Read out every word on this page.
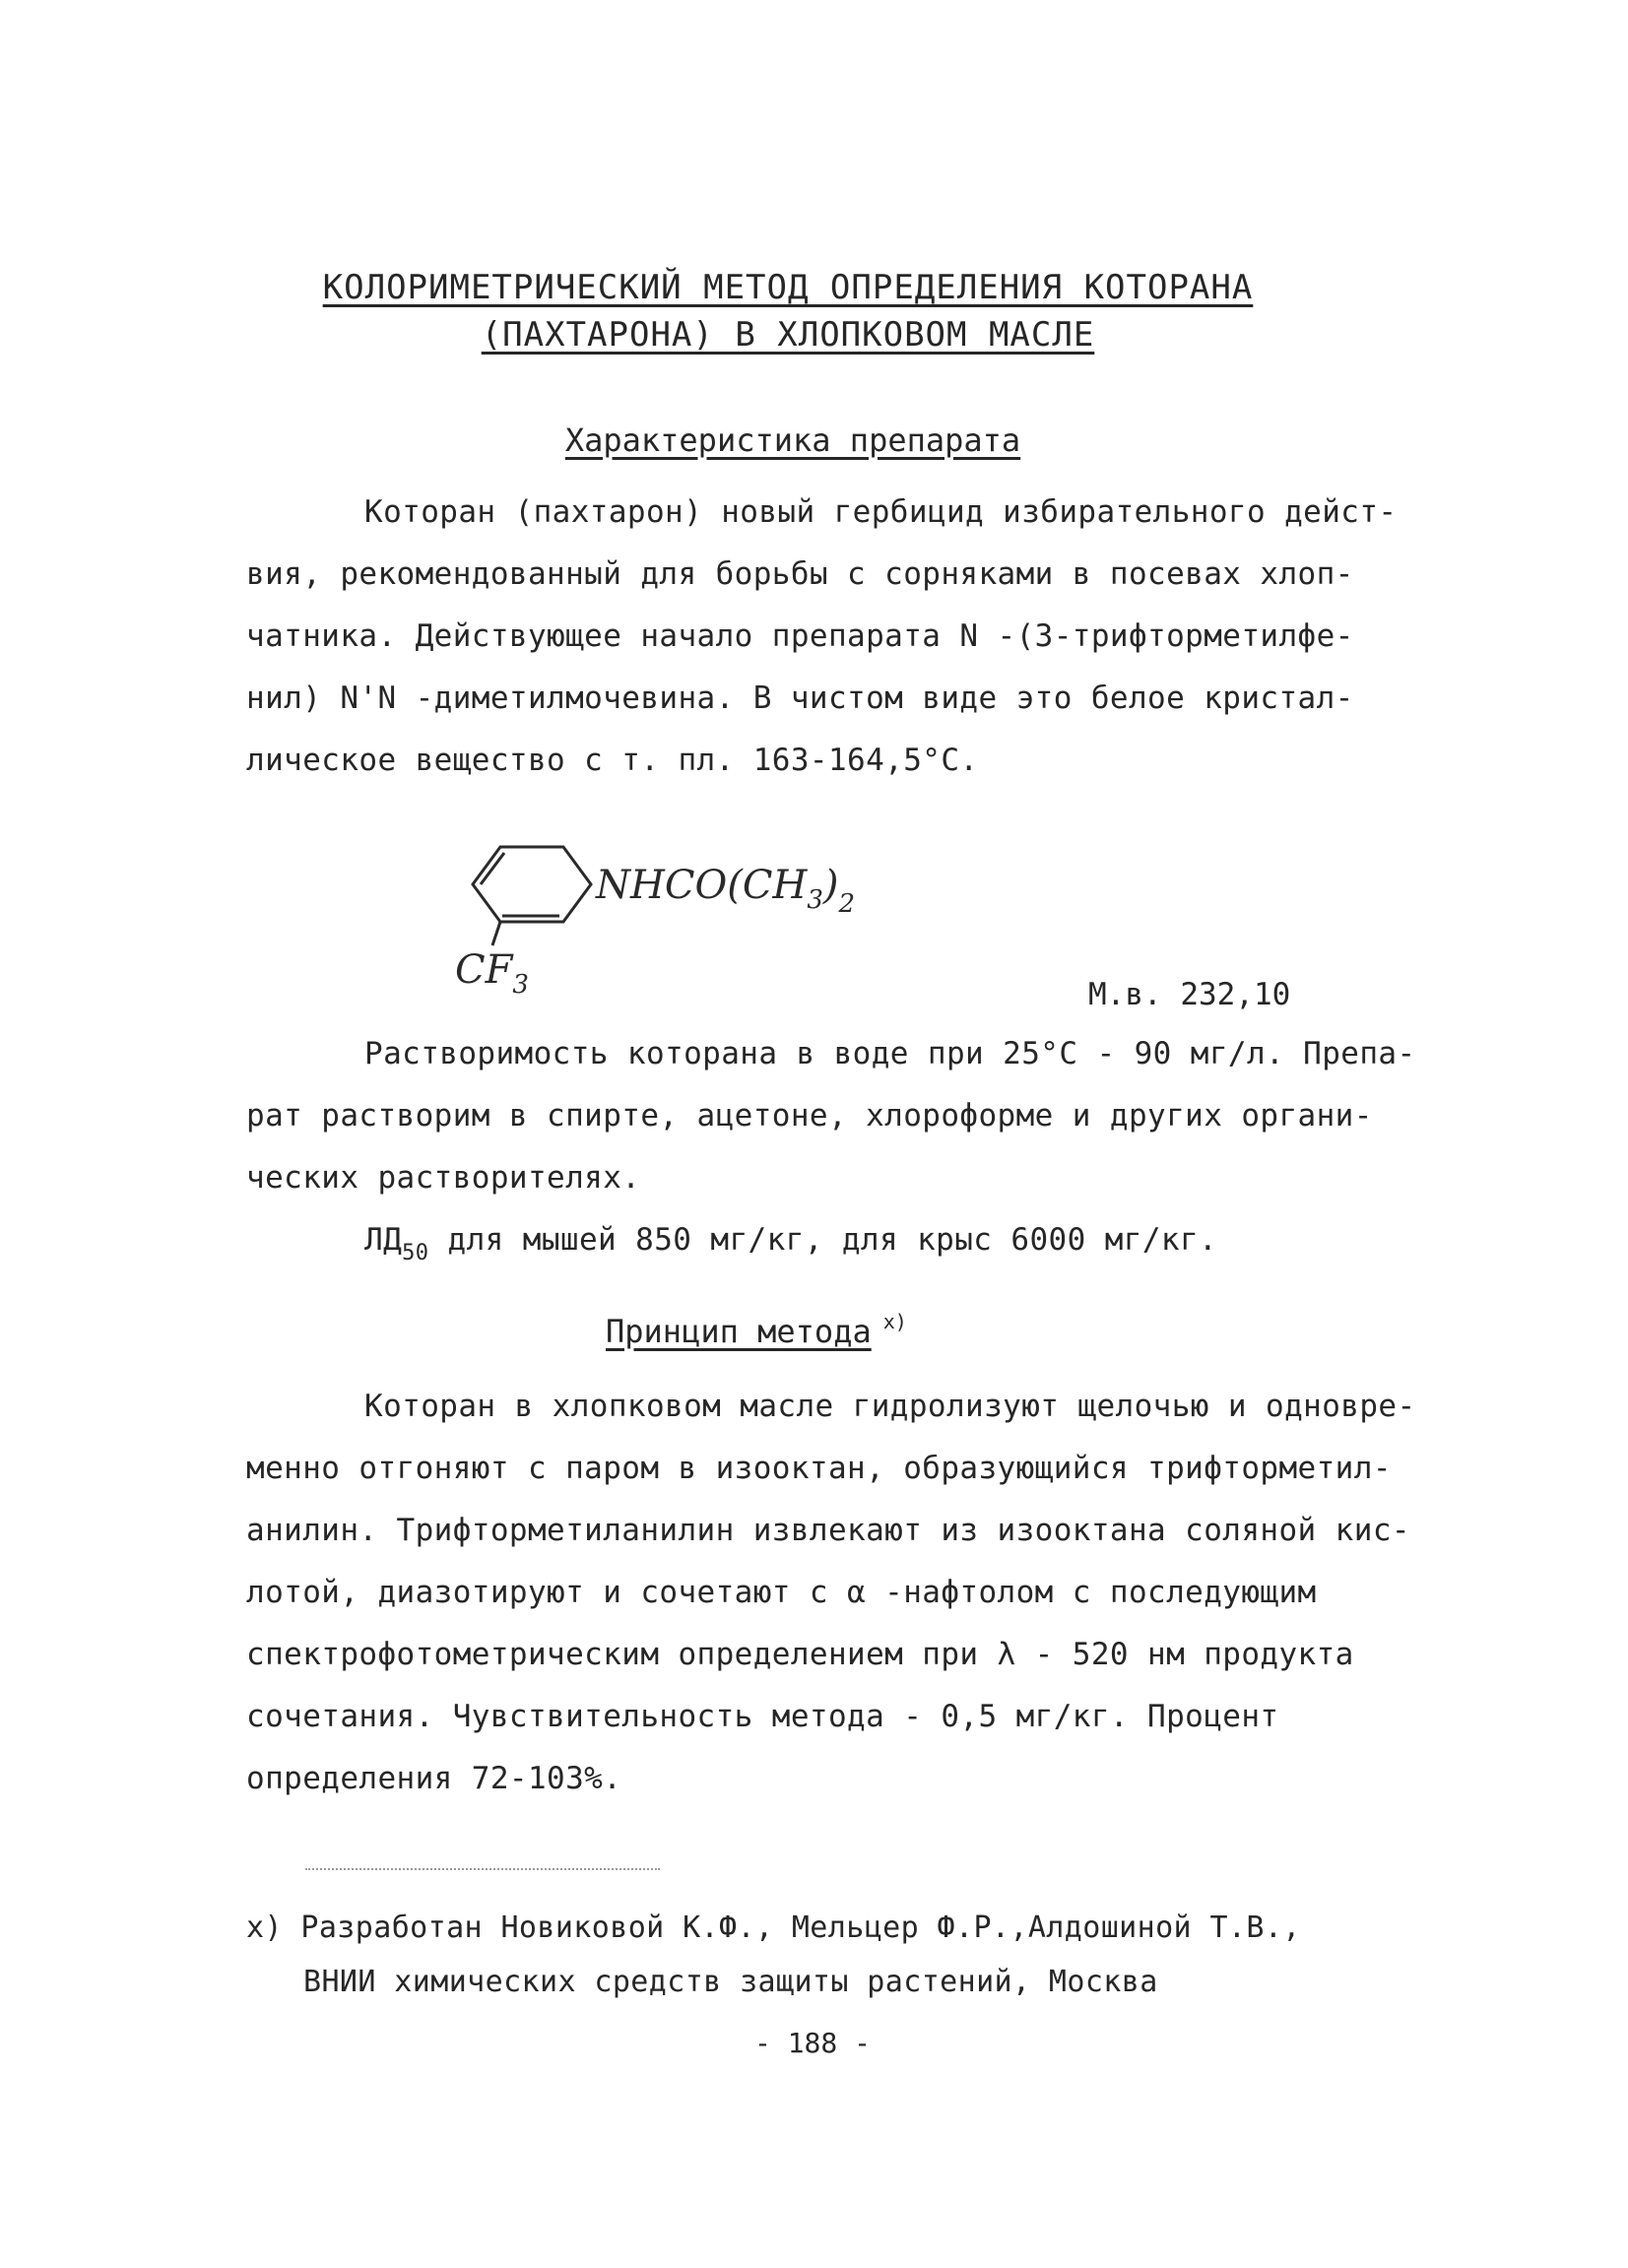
КОЛОРИМЕТРИЧЕСКИЙ МЕТОД ОПРЕДЕЛЕНИЯ КОТОРАНА
(ПАХТАРОНА) В ХЛОПКОВОМ МАСЛЕ
Характеристика препарата
Которан (пахтарон) новый гербицид избирательного дейст-
вия, рекомендованный для борьбы с сорняками в посевах хлоп-
чатника. Действующее начало препарата N -(3-трифторметилфе-
нил) N'N -диметилмочевина. В чистом виде это белое кристал-
лическое вещество с т. пл. 163-164,5°C.
$NHCO(CH_3)_2$
$CF_3$	М.в. 232,10
Растворимость которана в воде при 25°C - 90 мг/л. Препа-
рат растворим в спирте, ацетоне, хлороформе и других органи-
ческих растворителях.
$ЛД_{50}$ для мышей 850 мг/кг, для крыс 6000 мг/кг.
Принцип метода x)
Которан в хлопковом масле гидролизуют щелочью и одновре-
менно отгоняют с паром в изооктан, образующийся трифторметил-
анилин. Трифторметиланилин извлекают из изооктана соляной кис-
лотой, диазотируют и сочетают с α -нафтолом с последующим
спектрофотометрическим определением при λ - 520 нм продукта
сочетания. Чувствительность метода - 0,5 мг/кг. Процент
определения 72-103%.
x) Разработан Новиковой К.Ф., Мельцер Ф.Р.,Алдошиной Т.В.,
ВНИИ химических средств защиты растений, Москва
- 188 -
